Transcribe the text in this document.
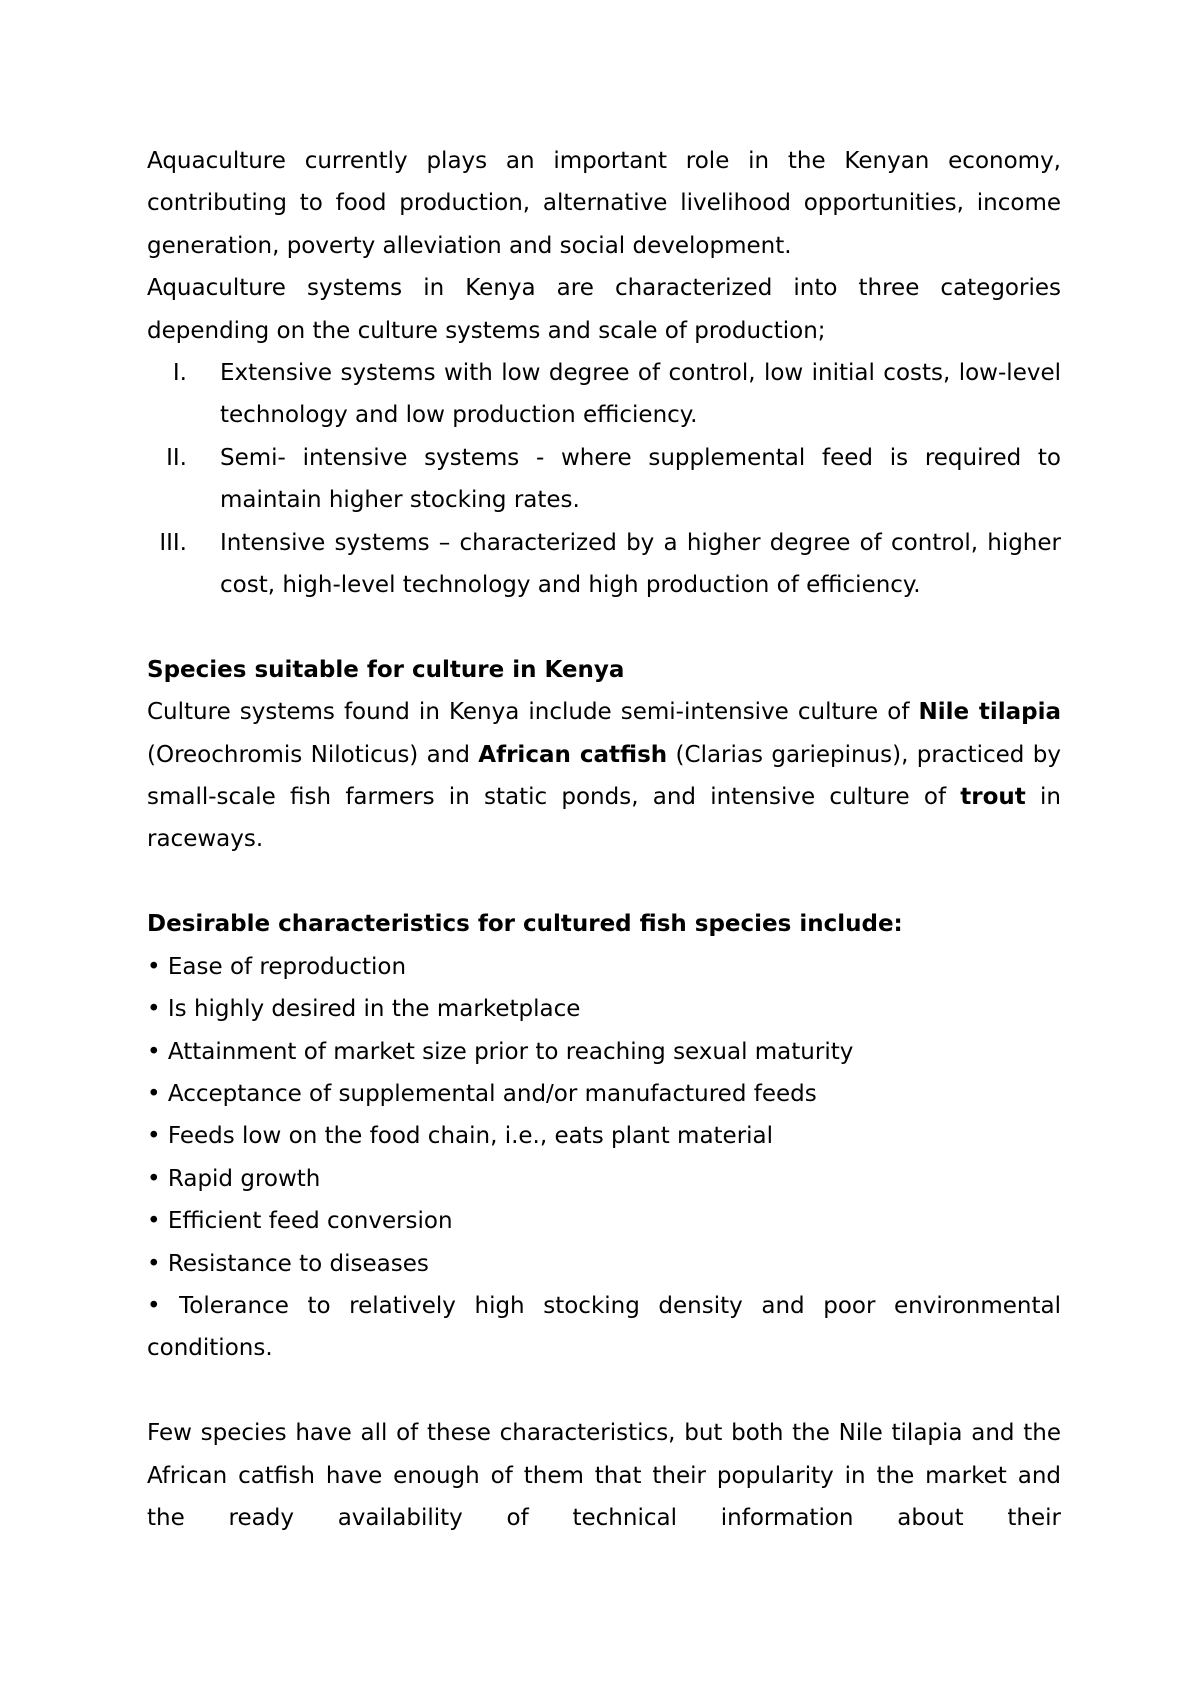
Aquaculture currently plays an important role in the Kenyan economy, contributing to food production, alternative livelihood opportunities, income generation, poverty alleviation and social development.

Aquaculture systems in Kenya are characterized into three categories depending on the culture systems and scale of production;

I. Extensive systems with low degree of control, low initial costs, low-level technology and low production efficiency.
II. Semi- intensive systems - where supplemental feed is required to maintain higher stocking rates.
III. Intensive systems – characterized by a higher degree of control, higher cost, high-level technology and high production of efficiency.

Species suitable for culture in Kenya

Culture systems found in Kenya include semi-intensive culture of Nile tilapia (Oreochromis Niloticus) and African catfish (Clarias gariepinus), practiced by small-scale fish farmers in static ponds, and intensive culture of trout in raceways.

Desirable characteristics for cultured fish species include:

• Ease of reproduction
• Is highly desired in the marketplace
• Attainment of market size prior to reaching sexual maturity
• Acceptance of supplemental and/or manufactured feeds
• Feeds low on the food chain, i.e., eats plant material
• Rapid growth
• Efficient feed conversion
• Resistance to diseases
• Tolerance to relatively high stocking density and poor environmental conditions.

Few species have all of these characteristics, but both the Nile tilapia and the African catfish have enough of them that their popularity in the market and the ready availability of technical information about their
